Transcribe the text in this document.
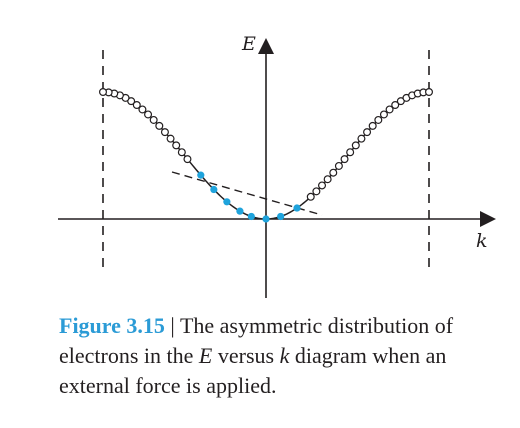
E
k
Figure 3.15 | The asymmetric distribution of electrons in the E versus k diagram when an external force is applied.
